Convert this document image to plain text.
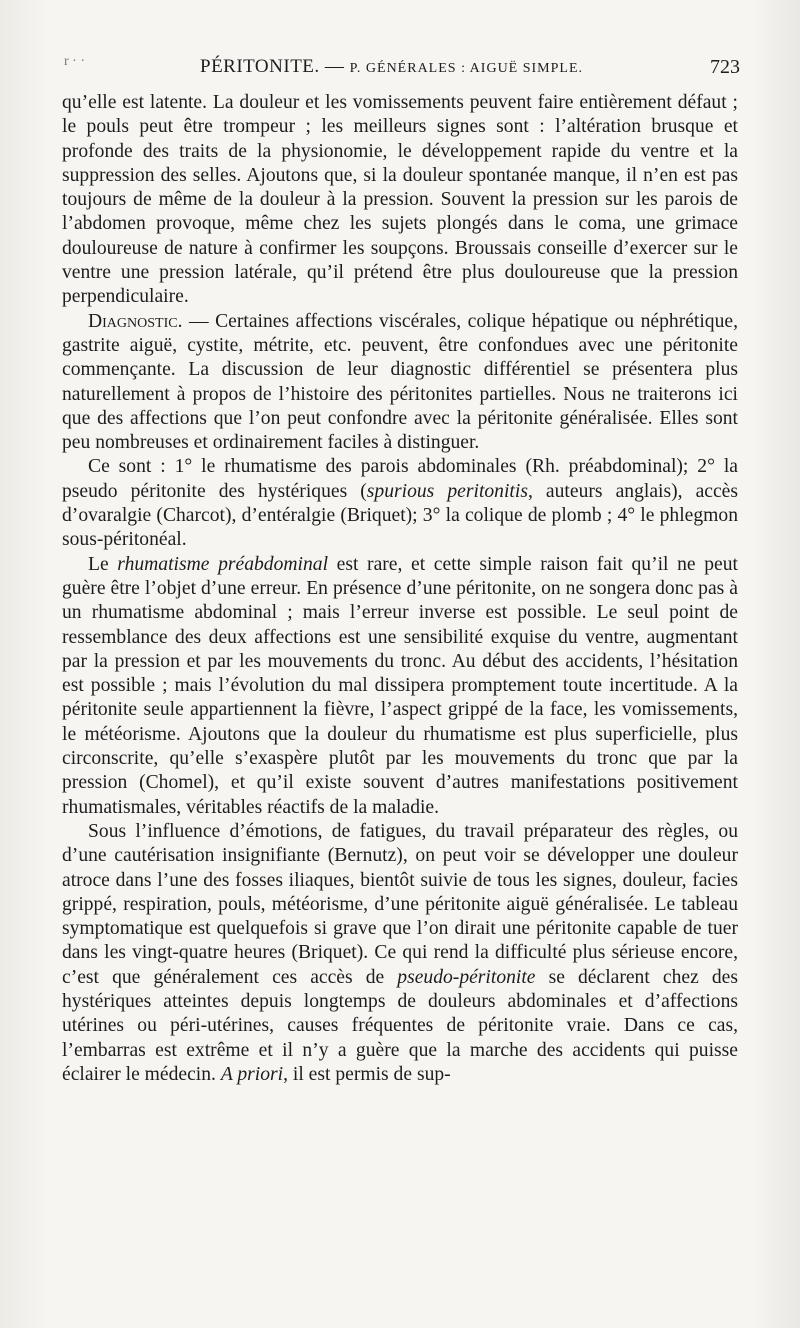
r · ·	PÉRITONITE. — P. GÉNÉRALES : AIGUË SIMPLE.	723

qu’elle est latente. La douleur et les vomissements peuvent faire entièrement défaut ; le pouls peut être trompeur ; les meilleurs signes sont : l’altération brusque et profonde des traits de la physionomie, le développement rapide du ventre et la suppression des selles. Ajoutons que, si la douleur spontanée manque, il n’en est pas toujours de même de la douleur à la pression. Souvent la pression sur les parois de l’abdomen provoque, même chez les sujets plongés dans le coma, une grimace douloureuse de nature à confirmer les soupçons. Broussais conseille d’exercer sur le ventre une pression latérale, qu’il prétend être plus douloureuse que la pression perpendiculaire.

Diagnostic. — Certaines affections viscérales, colique hépatique ou néphrétique, gastrite aiguë, cystite, métrite, etc. peuvent, être confondues avec une péritonite commençante. La discussion de leur diagnostic différentiel se présentera plus naturellement à propos de l’histoire des péritonites partielles. Nous ne traiterons ici que des affections que l’on peut confondre avec la péritonite généralisée. Elles sont peu nombreuses et ordinairement faciles à distinguer.

Ce sont : 1° le rhumatisme des parois abdominales (Rh. préabdominal); 2° la pseudo péritonite des hystériques (spurious peritonitis, auteurs anglais), accès d’ovaralgie (Charcot), d’entéralgie (Briquet); 3° la colique de plomb ; 4° le phlegmon sous-péritonéal.

Le rhumatisme préabdominal est rare, et cette simple raison fait qu’il ne peut guère être l’objet d’une erreur. En présence d’une péritonite, on ne songera donc pas à un rhumatisme abdominal ; mais l’erreur inverse est possible. Le seul point de ressemblance des deux affections est une sensibilité exquise du ventre, augmentant par la pression et par les mouvements du tronc. Au début des accidents, l’hésitation est possible ; mais l’évolution du mal dissipera promptement toute incertitude. A la péritonite seule appartiennent la fièvre, l’aspect grippé de la face, les vomissements, le météorisme. Ajoutons que la douleur du rhumatisme est plus superficielle, plus circonscrite, qu’elle s’exaspère plutôt par les mouvements du tronc que par la pression (Chomel), et qu’il existe souvent d’autres manifestations positivement rhumatismales, véritables réactifs de la maladie.

Sous l’influence d’émotions, de fatigues, du travail préparateur des règles, ou d’une cautérisation insignifiante (Bernutz), on peut voir se développer une douleur atroce dans l’une des fosses iliaques, bientôt suivie de tous les signes, douleur, facies grippé, respiration, pouls, météorisme, d’une péritonite aiguë généralisée. Le tableau symptomatique est quelquefois si grave que l’on dirait une péritonite capable de tuer dans les vingt-quatre heures (Briquet). Ce qui rend la difficulté plus sérieuse encore, c’est que généralement ces accès de pseudo-péritonite se déclarent chez des hystériques atteintes depuis longtemps de douleurs abdominales et d’affections utérines ou péri-utérines, causes fréquentes de péritonite vraie. Dans ce cas, l’embarras est extrême et il n’y a guère que la marche des accidents qui puisse éclairer le médecin. A priori, il est permis de sup-
